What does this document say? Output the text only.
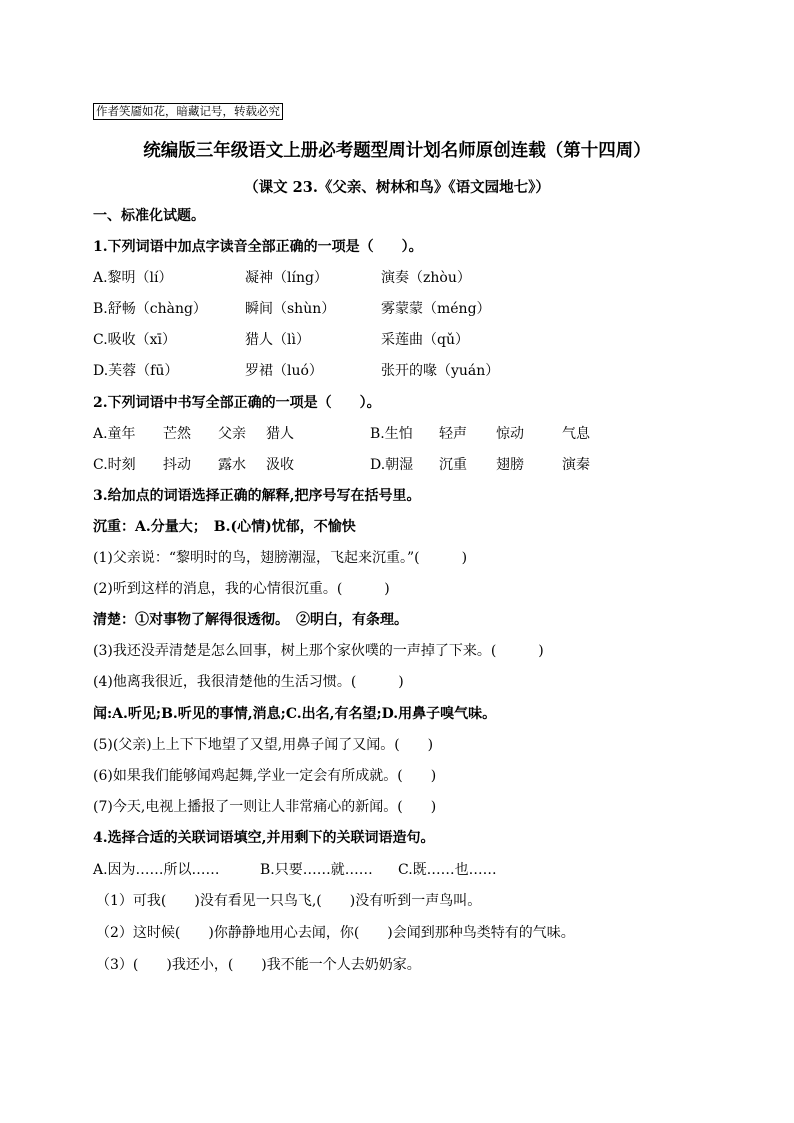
作者笑靥如花，暗藏记号，转载必究
统编版三年级语文上册必考题型周计划名师原创连载（第十四周）
（课文 23.《父亲、树林和鸟》《语文园地七》）
一、标准化试题。
1.下列词语中加点字读音全部正确的一项是（　　）。
A.黎明（lí）	凝神（líng）	演奏（zhòu）
B.舒畅（chàng）	瞬间（shùn）	雾蒙蒙（méng）
C.吸收（xī）	猎人（lì）	采莲曲（qǔ）
D.芙蓉（fū）	罗裙（luó）	张开的喙（yuán）
2.下列词语中书写全部正确的一项是（　　）。
A.童年 芒然 父亲 猎人	B.生怕 轻声 惊动	气息
C.时刻 抖动 露水 汲收	D.朝湿 沉重 翅膀	演秦
3.给加点的词语选择正确的解释,把序号写在括号里。
沉重：A.分量大；　B.(心情)忧郁，不愉快
(1)父亲说：“黎明时的鸟，翅膀潮湿，飞起来沉重。”(　　　)
(2)听到这样的消息，我的心情很沉重。(　　　)
清楚：①对事物了解得很透彻。　②明白，有条理。
(3)我还没弄清楚是怎么回事，树上那个家伙噗的一声掉了下来。(　　　)
(4)他离我很近，我很清楚他的生活习惯。(　　　)
闻:A.听见;B.听见的事情,消息;C.出名,有名望;D.用鼻子嗅气味。
(5)(父亲)上上下下地望了又望,用鼻子闻了又闻。(　　)
(6)如果我们能够闻鸡起舞,学业一定会有所成就。(　　)
(7)今天,电视上播报了一则让人非常痛心的新闻。(　　)
4.选择合适的关联词语填空,并用剩下的关联词语造句。
A.因为……所以……	B.只要……就…… C.既……也……
（1）可我(　　)没有看见一只鸟飞,(　　)没有听到一声鸟叫。
（2）这时候(　　)你静静地用心去闻，你(　　)会闻到那种鸟类特有的气味。
（3）(　　)我还小，(　　)我不能一个人去奶奶家。
